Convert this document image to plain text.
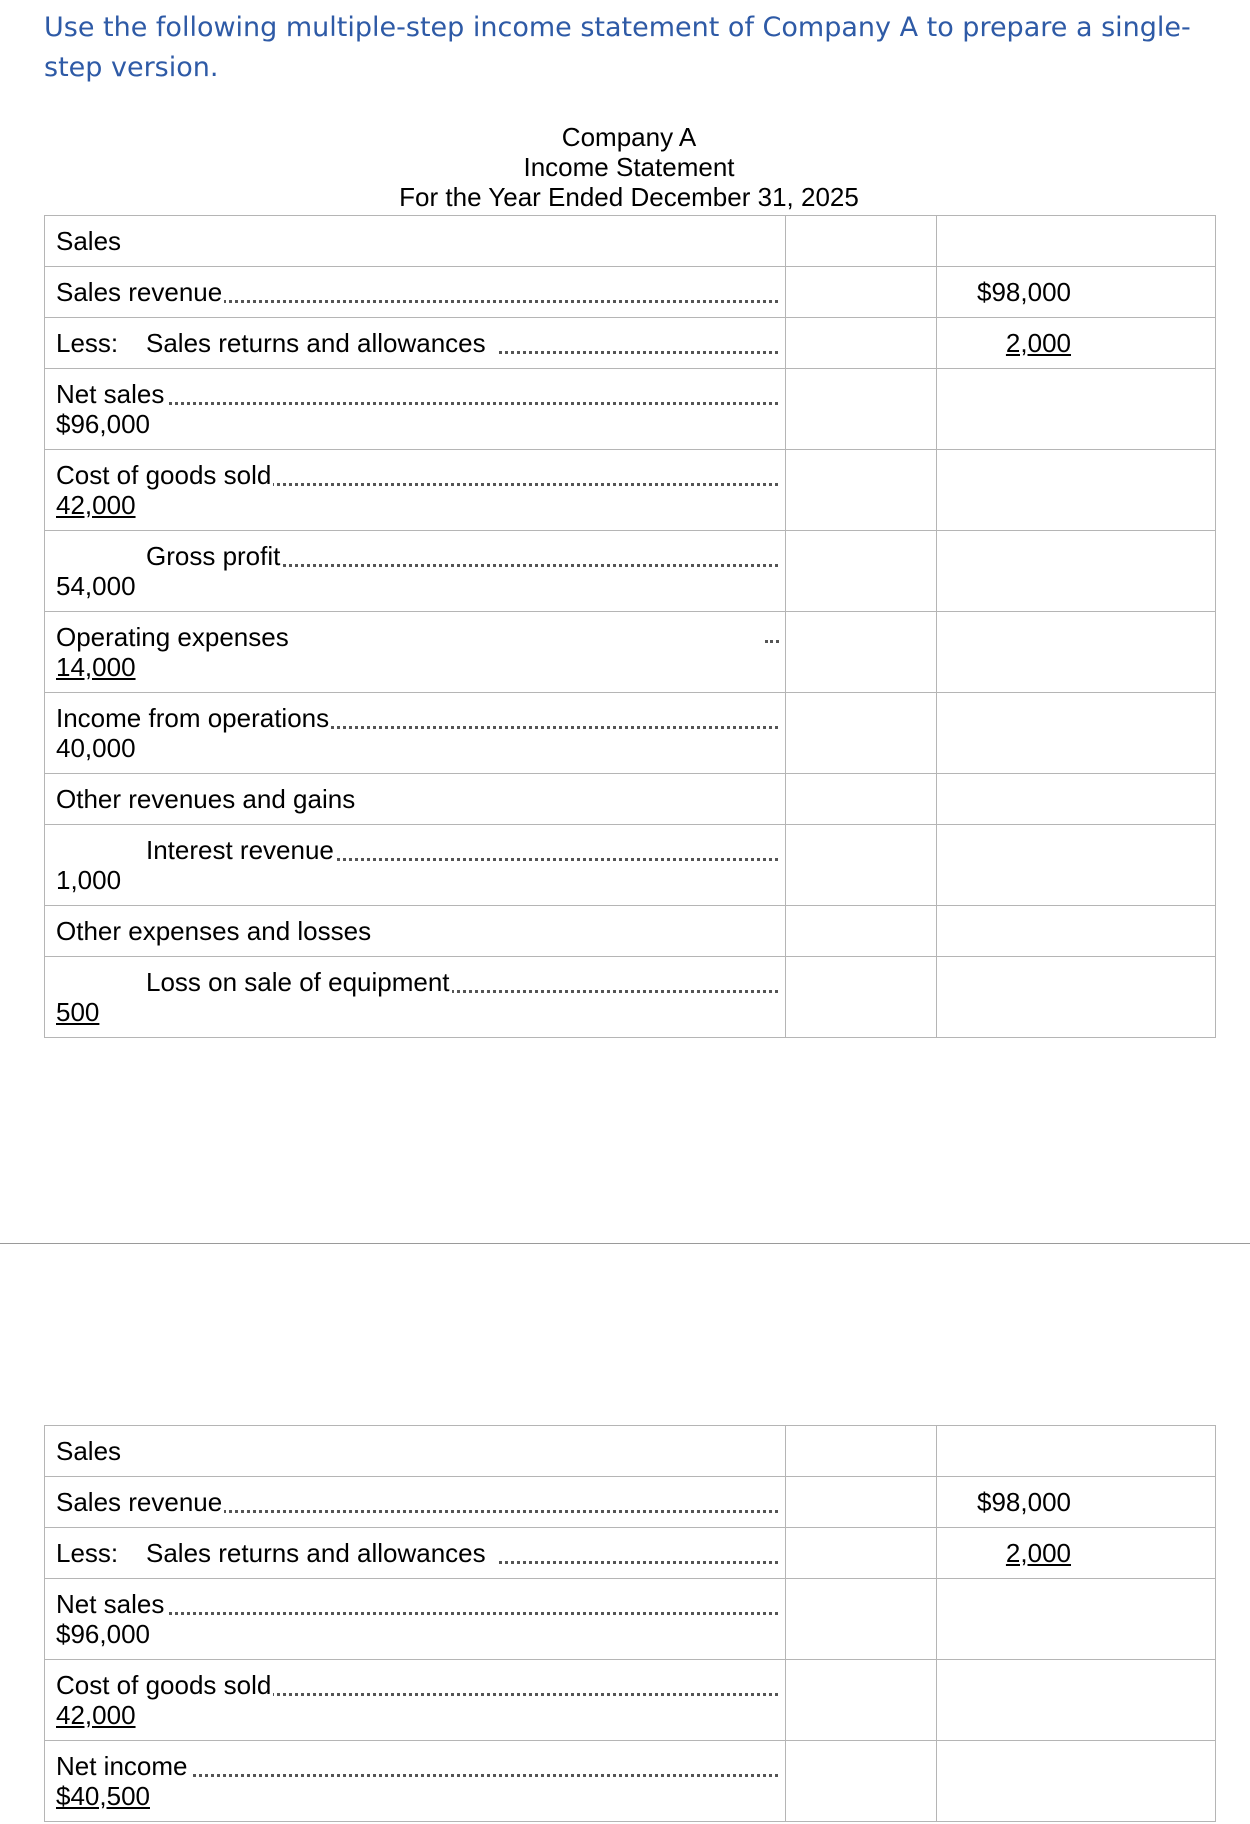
Use the following multiple-step income statement of Company A to prepare a single-step version.
Company A
Income Statement
For the Year Ended December 31, 2025
Sales		

Sales revenue		$98,000

Less: Sales returns and allowances		2,000

Net sales
$96,000		

Cost of goods sold
42,000		

Gross profit
54,000		

Operating expenses
14,000		

Income from operations
40,000		

Other revenues and gains		

Interest revenue
1,000		

Other expenses and losses		

Loss on sale of equipment
500		

Sales		

Sales revenue		$98,000

Less: Sales returns and allowances		2,000

Net sales
$96,000		

Cost of goods sold
42,000		

Net income
$40,500		
